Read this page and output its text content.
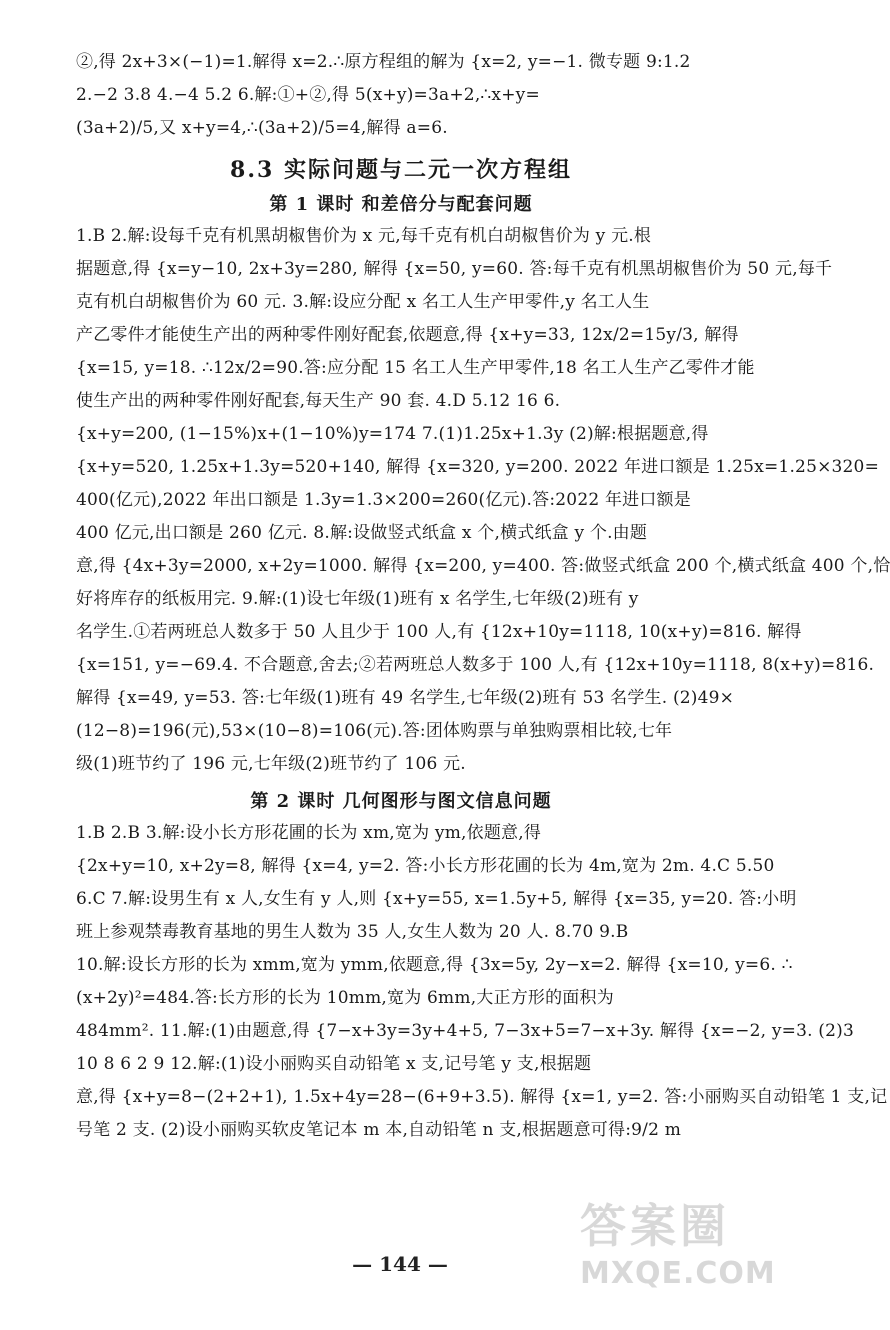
②,得 2x+3×(−1)=1.解得 x=2.∴原方程组的解为 {x=2, y=−1. 微专题 9:1.2
2.−2 3.8 4.−4 5.2 6.解:①+②,得 5(x+y)=3a+2,∴x+y=
(3a+2)/5,又 x+y=4,∴(3a+2)/5=4,解得 a=6.
8.3 实际问题与二元一次方程组
第 1 课时 和差倍分与配套问题
1.B 2.解:设每千克有机黑胡椒售价为 x 元,每千克有机白胡椒售价为 y 元.根
据题意,得 {x=y−10, 2x+3y=280, 解得 {x=50, y=60. 答:每千克有机黑胡椒售价为 50 元,每千
克有机白胡椒售价为 60 元. 3.解:设应分配 x 名工人生产甲零件,y 名工人生
产乙零件才能使生产出的两种零件刚好配套,依题意,得 {x+y=33, 12x/2=15y/3, 解得
{x=15, y=18. ∴12x/2=90.答:应分配 15 名工人生产甲零件,18 名工人生产乙零件才能
使生产出的两种零件刚好配套,每天生产 90 套. 4.D 5.12 16 6.
{x+y=200, (1−15%)x+(1−10%)y=174 7.(1)1.25x+1.3y (2)解:根据题意,得
{x+y=520, 1.25x+1.3y=520+140, 解得 {x=320, y=200. 2022 年进口额是 1.25x=1.25×320=
400(亿元),2022 年出口额是 1.3y=1.3×200=260(亿元).答:2022 年进口额是
400 亿元,出口额是 260 亿元. 8.解:设做竖式纸盒 x 个,横式纸盒 y 个.由题
意,得 {4x+3y=2000, x+2y=1000. 解得 {x=200, y=400. 答:做竖式纸盒 200 个,横式纸盒 400 个,恰
好将库存的纸板用完. 9.解:(1)设七年级(1)班有 x 名学生,七年级(2)班有 y
名学生.①若两班总人数多于 50 人且少于 100 人,有 {12x+10y=1118, 10(x+y)=816. 解得
{x=151, y=−69.4. 不合题意,舍去;②若两班总人数多于 100 人,有 {12x+10y=1118, 8(x+y)=816.
解得 {x=49, y=53. 答:七年级(1)班有 49 名学生,七年级(2)班有 53 名学生. (2)49×
(12−8)=196(元),53×(10−8)=106(元).答:团体购票与单独购票相比较,七年
级(1)班节约了 196 元,七年级(2)班节约了 106 元.
第 2 课时 几何图形与图文信息问题
1.B 2.B 3.解:设小长方形花圃的长为 xm,宽为 ym,依题意,得
{2x+y=10, x+2y=8, 解得 {x=4, y=2. 答:小长方形花圃的长为 4m,宽为 2m. 4.C 5.50
6.C 7.解:设男生有 x 人,女生有 y 人,则 {x+y=55, x=1.5y+5, 解得 {x=35, y=20. 答:小明
班上参观禁毒教育基地的男生人数为 35 人,女生人数为 20 人. 8.70 9.B
10.解:设长方形的长为 xmm,宽为 ymm,依题意,得 {3x=5y, 2y−x=2. 解得 {x=10, y=6. ∴
(x+2y)²=484.答:长方形的长为 10mm,宽为 6mm,大正方形的面积为
484mm². 11.解:(1)由题意,得 {7−x+3y=3y+4+5, 7−3x+5=7−x+3y. 解得 {x=−2, y=3. (2)3
10 8 6 2 9 12.解:(1)设小丽购买自动铅笔 x 支,记号笔 y 支,根据题
意,得 {x+y=8−(2+2+1), 1.5x+4y=28−(6+9+3.5). 解得 {x=1, y=2. 答:小丽购买自动铅笔 1 支,记
号笔 2 支. (2)设小丽购买软皮笔记本 m 本,自动铅笔 n 支,根据题意可得:9/2 m
— 144 —
答案圈
MXQE.COM
